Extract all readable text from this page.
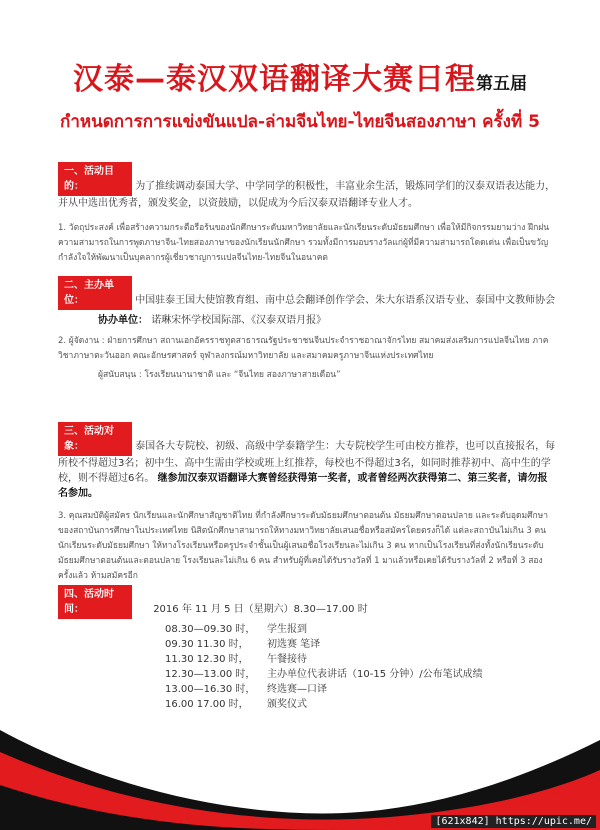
汉泰—泰汉双语翻译大赛日程第五届
กำหนดการการแข่งขันแปล-ล่ามจีนไทย-ไทยจีนสองภาษา ครั้งที่ 5
一、活动目的：	为了推续调动泰国大学、中学同学的积极性，丰富业余生活，锻炼同学们的汉泰双语表达能力，并从中选出优秀者，颁发奖金，以资鼓励，以促成为今后汉泰双语翻译专业人才。
1. วัตถุประสงค์ เพื่อสร้างความกระตือรือร้นของนักศึกษาระดับมหาวิทยาลัยและนักเรียนระดับมัธยมศึกษา เพื่อให้มีกิจกรรมยามว่าง ฝึกฝนความสามารถในการพูดภาษาจีน-ไทยสองภาษาของนักเรียนนักศึกษา รวมทั้งมีการมอบรางวัลแก่ผู้ที่มีความสามารถโดดเด่น เพื่อเป็นขวัญกำลังใจให้พัฒนาเป็นบุคลากรผู้เชี่ยวชาญการแปลจีนไทย-ไทยจีนในอนาคต
二、主办单位：	中国驻泰王国大使馆教育组、南中总会翻译创作学会、朱大东语系汉语专业、泰国中文教师协会
协办单位： 诺琳宋怀学校国际部、《汉泰双语月报》
2. ผู้จัดงาน : ฝ่ายการศึกษา สถานเอกอัครราชทูตสาธารณรัฐประชาชนจีนประจำราชอาณาจักรไทย สมาคมส่งเสริมการแปลจีนไทย ภาควิชาภาษาตะวันออก คณะอักษรศาสตร์ จุฬาลงกรณ์มหาวิทยาลัย และสมาคมครูภาษาจีนแห่งประเทศไทย
ผู้สนับสนุน : โรงเรียนนานาชาติ และ “จีนไทย สองภาษาสายเดือน”
三、活动对象：	泰国各大专院校、初级、高级中学泰籍学生：大专院校学生可由校方推荐，也可以直接报名，每所校不得超过3名；初中生、高中生需由学校或班上红推荐，每校也不得超过3名，如同时推荐初中、高中生的学校，则不得超过6名。 继参加汉泰双语翻译大赛曾经获得第一奖者，或者曾经两次获得第二、第三奖者，请勿报名参加。
3. คุณสมบัติผู้สมัคร นักเรียนและนักศึกษาสัญชาติไทย ที่กำลังศึกษาระดับมัธยมศึกษาตอนต้น มัธยมศึกษาตอนปลาย และระดับอุดมศึกษาของสถาบันการศึกษาในประเทศไทย นิสิตนักศึกษาสามารถให้ทางมหาวิทยาลัยเสนอชื่อหรือสมัครโดยตรงก็ได้ แต่ละสถาบันไม่เกิน 3 คน นักเรียนระดับมัธยมศึกษา ให้ทางโรงเรียนหรือครูประจำชั้นเป็นผู้เสนอชื่อโรงเรียนละไม่เกิน 3 คน หากเป็นโรงเรียนที่ส่งทั้งนักเรียนระดับมัธยมศึกษาตอนต้นและตอนปลาย โรงเรียนละไม่เกิน 6 คน สำหรับผู้ที่เคยได้รับรางวัลที่ 1 มาแล้วหรือเคยได้รับรางวัลที่ 2 หรือที่ 3 สองครั้งแล้ว ห้ามสมัครอีก
四、活动时间：	2016 年 11 月 5 日（星期六）8.30—17.00 时
08.30—09.30 时，	学生报到
09.30 11.30 时，	初选赛 笔译
11.30 12.30 时，	午餐接待
12.30—13.00 时，	主办单位代表讲话（10-15 分钟）/公布笔试成绩
13.00—16.30 时，	终选赛—口译
16.00 17.00 时，	颁奖仪式
[621x842] https://upic.me/
